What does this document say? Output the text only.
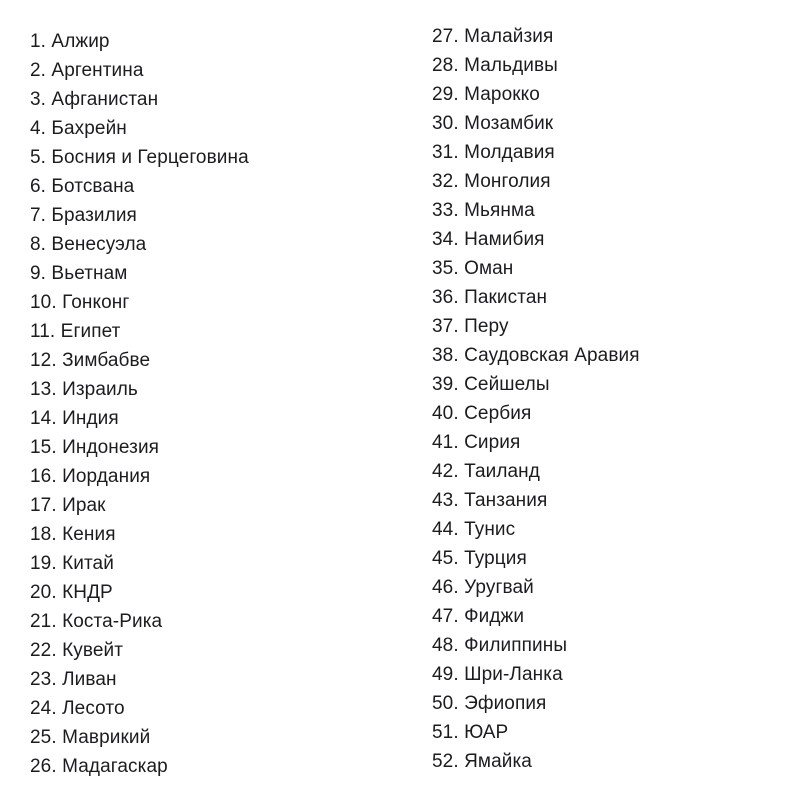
1. Алжир
2. Аргентина
3. Афганистан
4. Бахрейн
5. Босния и Герцеговина
6. Ботсвана
7. Бразилия
8. Венесуэла
9. Вьетнам
10. Гонконг
11. Египет
12. Зимбабве
13. Израиль
14. Индия
15. Индонезия
16. Иордания
17. Ирак
18. Кения
19. Китай
20. КНДР
21. Коста-Рика
22. Кувейт
23. Ливан
24. Лесото
25. Маврикий
26. Мадагаскар
27. Малайзия
28. Мальдивы
29. Марокко
30. Мозамбик
31. Молдавия
32. Монголия
33. Мьянма
34. Намибия
35. Оман
36. Пакистан
37. Перу
38. Саудовская Аравия
39. Сейшелы
40. Сербия
41. Сирия
42. Таиланд
43. Танзания
44. Тунис
45. Турция
46. Уругвай
47. Фиджи
48. Филиппины
49. Шри-Ланка
50. Эфиопия
51. ЮАР
52. Ямайка
